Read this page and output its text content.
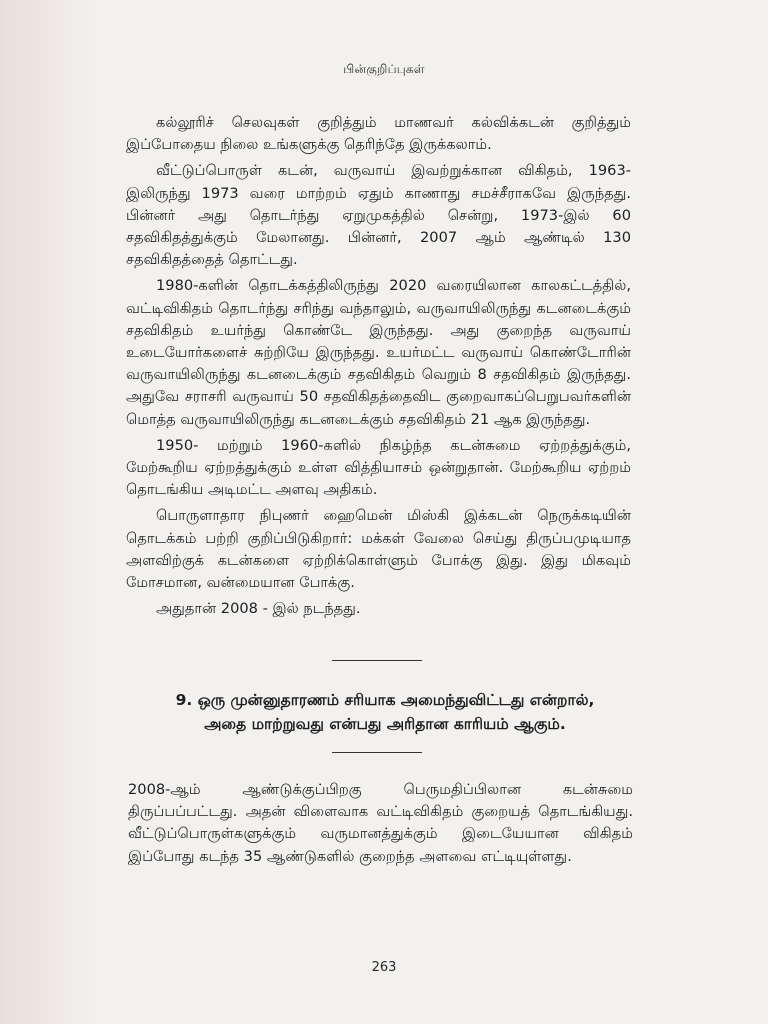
பின்குறிப்புகள்

கல்லூரிச் செலவுகள் குறித்தும் மாணவர் கல்விக்கடன் குறித்தும் இப்போதைய நிலை உங்களுக்கு தெரிந்தே இருக்கலாம்.

வீட்டுப்பொருள் கடன், வருவாய் இவற்றுக்கான விகிதம், 1963-இலிருந்து 1973 வரை மாற்றம் ஏதும் காணாது சமச்சீராகவே இருந்தது. பின்னர் அது தொடர்ந்து ஏறுமுகத்தில் சென்று, 1973-இல் 60 சதவிகிதத்துக்கும் மேலானது. பின்னர், 2007 ஆம் ஆண்டில் 130 சதவிகிதத்தைத் தொட்டது.

1980-களின் தொடக்கத்திலிருந்து 2020 வரையிலான காலகட்டத்தில், வட்டிவிகிதம் தொடர்ந்து சரிந்து வந்தாலும், வருவாயிலிருந்து கடனடைக்கும் சதவிகிதம் உயர்ந்து கொண்டே இருந்தது. அது குறைந்த வருவாய் உடையோர்களைச் சுற்றியே இருந்தது. உயர்மட்ட வருவாய் கொண்டோரின் வருவாயிலிருந்து கடனடைக்கும் சதவிகிதம் வெறும் 8 சதவிகிதம் இருந்தது. அதுவே சராசரி வருவாய் 50 சதவிகிதத்தைவிட குறைவாகப்பெறுபவர்களின் மொத்த வருவாயிலிருந்து கடனடைக்கும் சதவிகிதம் 21 ஆக இருந்தது.

1950- மற்றும் 1960-களில் நிகழ்ந்த கடன்சுமை ஏற்றத்துக்கும், மேற்கூறிய ஏற்றத்துக்கும் உள்ள வித்தியாசம் ஒன்றுதான். மேற்கூறிய ஏற்றம் தொடங்கிய அடிமட்ட அளவு அதிகம்.

பொருளாதார நிபுணர் ஹைமென் மிஸ்கி இக்கடன் நெருக்கடியின் தொடக்கம் பற்றி குறிப்பிடுகிறார்: மக்கள் வேலை செய்து திருப்பமுடியாத அளவிற்குக் கடன்களை ஏற்றிக்கொள்ளும் போக்கு இது. இது மிகவும் மோசமான, வன்மையான போக்கு.

அதுதான் 2008 - இல் நடந்தது.

9. ஒரு முன்னுதாரணம் சரியாக அமைந்துவிட்டது என்றால்,
அதை மாற்றுவது என்பது அரிதான காரியம் ஆகும்.

2008-ஆம் ஆண்டுக்குப்பிறகு பெருமதிப்பிலான கடன்சுமை திருப்பப்பட்டது. அதன் விளைவாக வட்டிவிகிதம் குறையத் தொடங்கியது. வீட்டுப்பொருள்களுக்கும் வருமானத்துக்கும் இடையேயான விகிதம் இப்போது கடந்த 35 ஆண்டுகளில் குறைந்த அளவை எட்டியுள்ளது.

263
